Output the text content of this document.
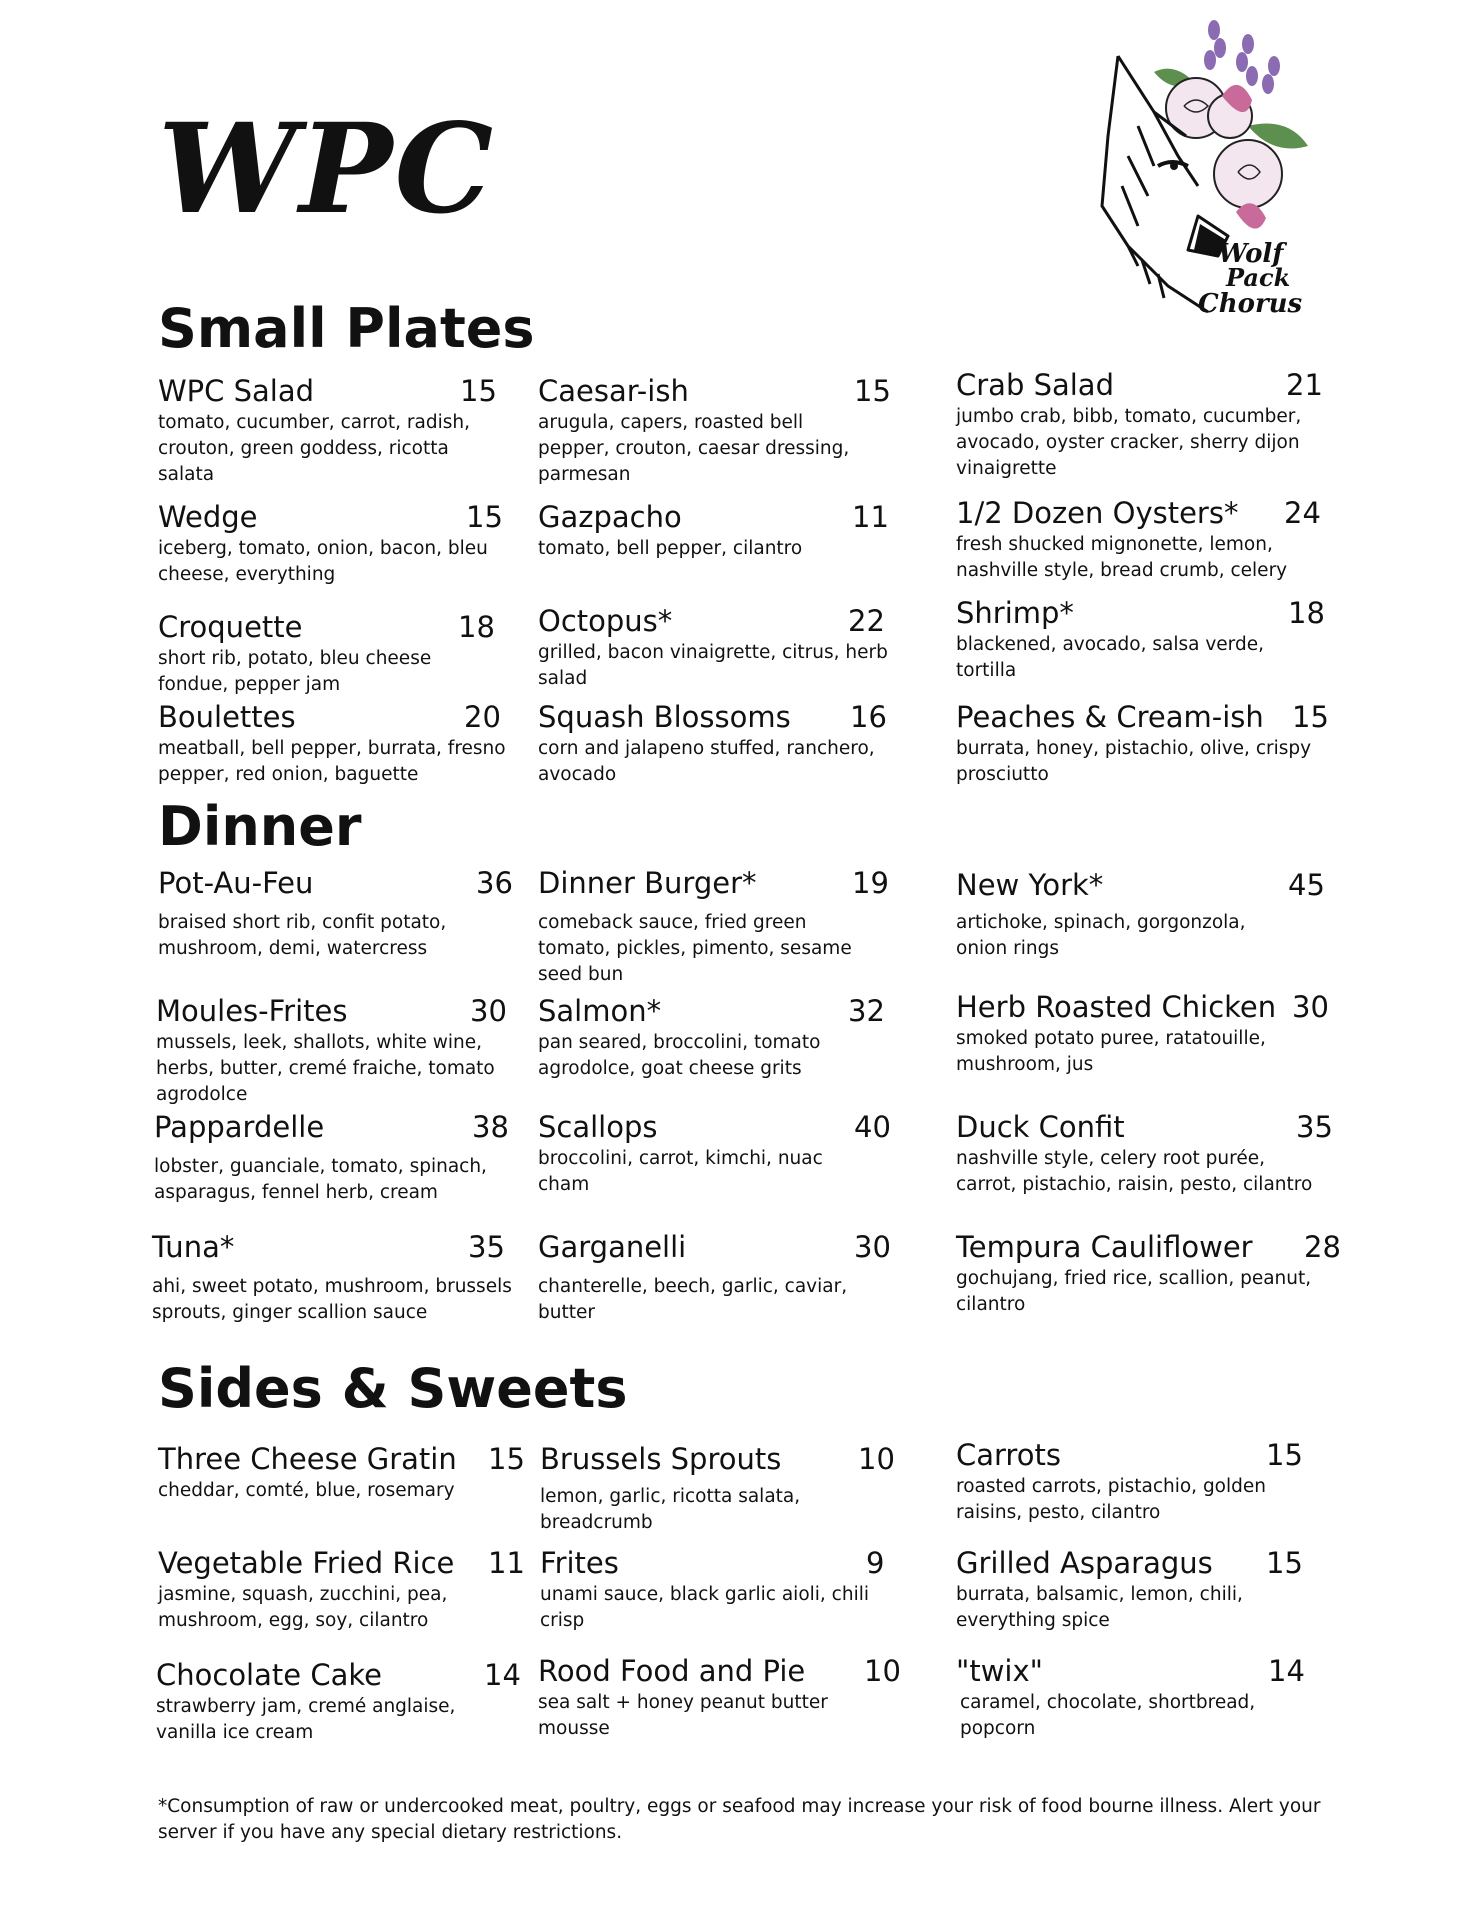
WPC
Wolf
Pack
Chorus
Small Plates
WPC Salad	15
tomato, cucumber, carrot, radish, crouton, green goddess, ricotta salata
Caesar-ish	15
arugula, capers, roasted bell pepper, crouton, caesar dressing, parmesan
Crab Salad	21
jumbo crab, bibb, tomato, cucumber, avocado, oyster cracker, sherry dijon vinaigrette
Wedge	15
iceberg, tomato, onion, bacon, bleu cheese, everything
Gazpacho	11
tomato, bell pepper, cilantro
1/2 Dozen Oysters* 24
fresh shucked mignonette, lemon, nashville style, bread crumb, celery
Croquette	18
short rib, potato, bleu cheese fondue, pepper jam
Octopus*	22
grilled, bacon vinaigrette, citrus, herb salad
Shrimp*	18
blackened, avocado, salsa verde, tortilla
Boulettes	20
meatball, bell pepper, burrata, fresno pepper, red onion, baguette
Squash Blossoms 16
corn and jalapeno stuffed, ranchero, avocado
Peaches & Cream-ish 15
burrata, honey, pistachio, olive, crispy prosciutto
Dinner
Pot-Au-Feu	36
braised short rib, confit potato, mushroom, demi, watercress
Dinner Burger*	19
comeback sauce, fried green tomato, pickles, pimento, sesame seed bun
New York*	45
artichoke, spinach, gorgonzola, onion rings
Moules-Frites	30
mussels, leek, shallots, white wine, herbs, butter, cremé fraiche, tomato agrodolce
Salmon*	32
pan seared, broccolini, tomato agrodolce, goat cheese grits
Herb Roasted Chicken 30
smoked potato puree, ratatouille, mushroom, jus
Pappardelle	38
lobster, guanciale, tomato, spinach, asparagus, fennel herb, cream
Scallops	40
broccolini, carrot, kimchi, nuac cham
Duck Confit	35
nashville style, celery root purée, carrot, pistachio, raisin, pesto, cilantro
Tuna*	35
ahi, sweet potato, mushroom, brussels sprouts, ginger scallion sauce
Garganelli	30
chanterelle, beech, garlic, caviar, butter
Tempura Cauliflower 28
gochujang, fried rice, scallion, peanut, cilantro
Sides & Sweets
Three Cheese Gratin 15
cheddar, comté, blue, rosemary
Brussels Sprouts	10
lemon, garlic, ricotta salata, breadcrumb
Carrots	15
roasted carrots, pistachio, golden raisins, pesto, cilantro
Vegetable Fried Rice 11
jasmine, squash, zucchini, pea, mushroom, egg, soy, cilantro
Frites	9
unami sauce, black garlic aioli, chili crisp
Grilled Asparagus 15
burrata, balsamic, lemon, chili, everything spice
Chocolate Cake	14
strawberry jam, cremé anglaise, vanilla ice cream
Rood Food and Pie 10
sea salt + honey peanut butter mousse
"twix"	14
caramel, chocolate, shortbread, popcorn
*Consumption of raw or undercooked meat, poultry, eggs or seafood may increase your risk of food bourne illness. Alert your server if you have any special dietary restrictions.
